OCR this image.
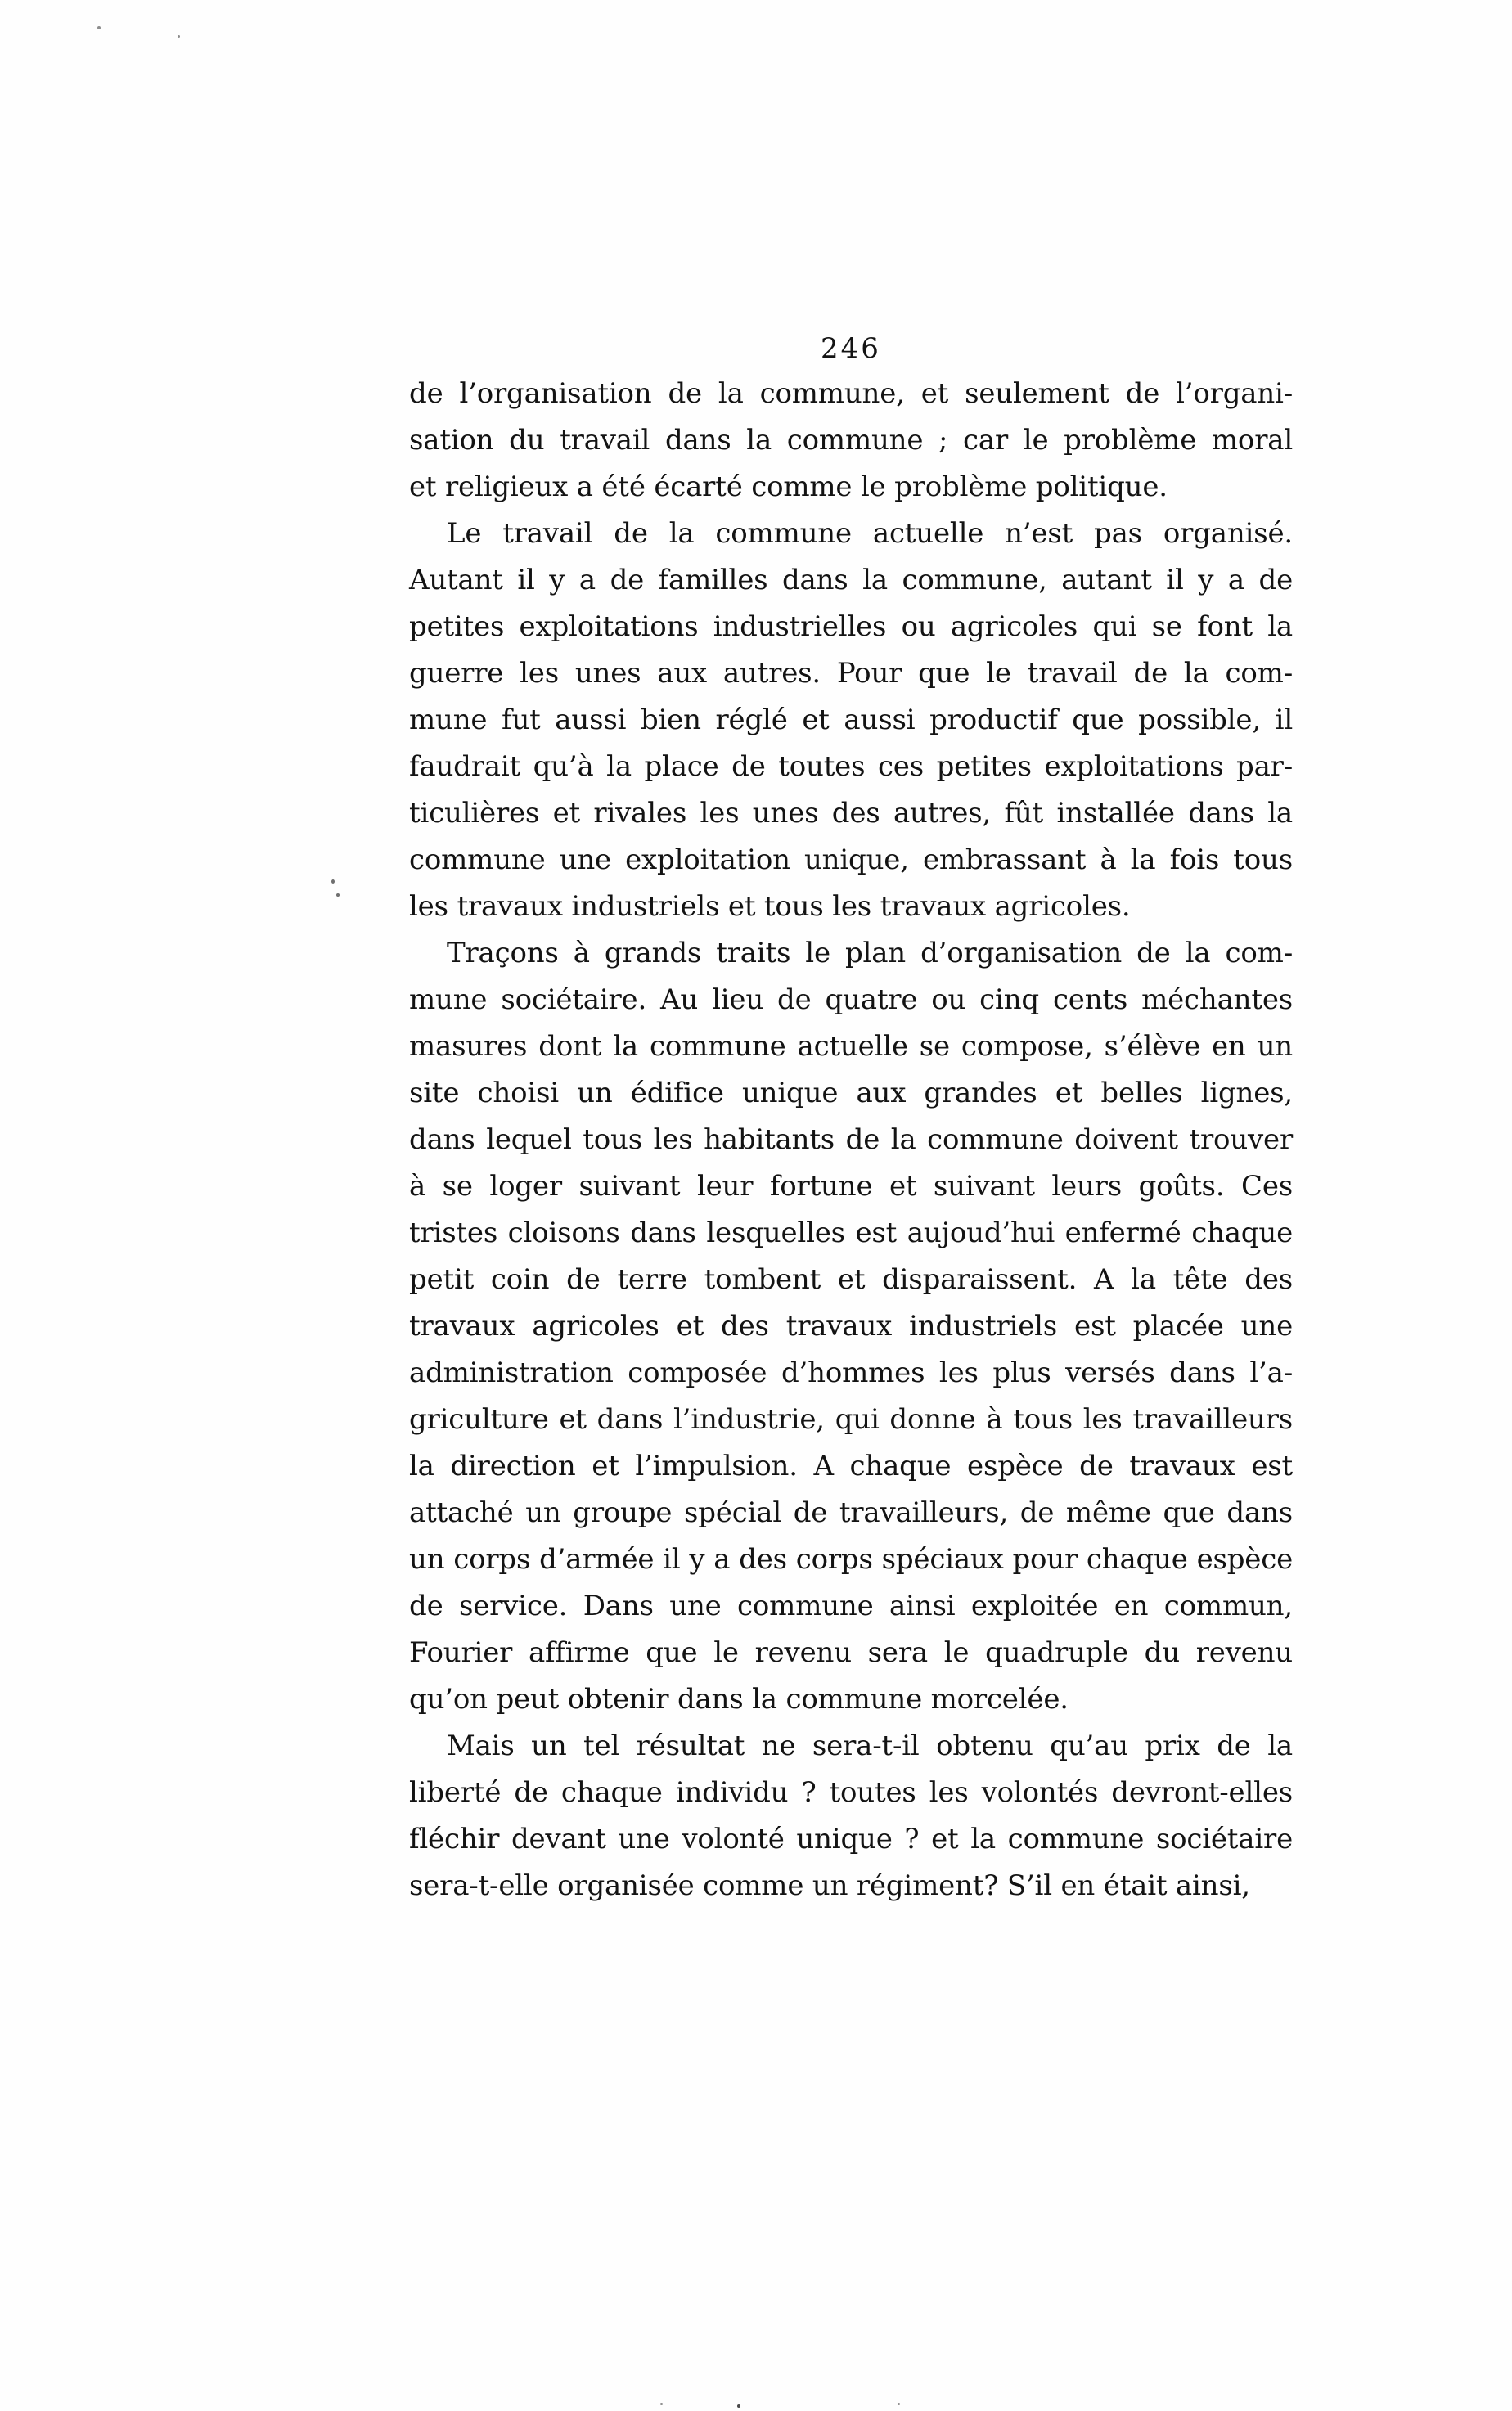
246
de l’organisation de la commune, et seulement de l’organi-
sation du travail dans la commune ; car le problème moral
et religieux a été écarté comme le problème politique.
Le travail de la commune actuelle n’est pas organisé.
Autant il y a de familles dans la commune, autant il y a de
petites exploitations industrielles ou agricoles qui se font la
guerre les unes aux autres. Pour que le travail de la com-
mune fut aussi bien réglé et aussi productif que possible, il
faudrait qu’à la place de toutes ces petites exploitations par-
ticulières et rivales les unes des autres, fût installée dans la
commune une exploitation unique, embrassant à la fois tous
les travaux industriels et tous les travaux agricoles.
Traçons à grands traits le plan d’organisation de la com-
mune sociétaire. Au lieu de quatre ou cinq cents méchantes
masures dont la commune actuelle se compose, s’élève en un
site choisi un édifice unique aux grandes et belles lignes,
dans lequel tous les habitants de la commune doivent trouver
à se loger suivant leur fortune et suivant leurs goûts. Ces
tristes cloisons dans lesquelles est aujoud’hui enfermé chaque
petit coin de terre tombent et disparaissent. A la tête des
travaux agricoles et des travaux industriels est placée une
administration composée d’hommes les plus versés dans l’a-
griculture et dans l’industrie, qui donne à tous les travailleurs
la direction et l’impulsion. A chaque espèce de travaux est
attaché un groupe spécial de travailleurs, de même que dans
un corps d’armée il y a des corps spéciaux pour chaque espèce
de service. Dans une commune ainsi exploitée en commun,
Fourier affirme que le revenu sera le quadruple du revenu
qu’on peut obtenir dans la commune morcelée.
Mais un tel résultat ne sera-t-il obtenu qu’au prix de la
liberté de chaque individu ? toutes les volontés devront-elles
fléchir devant une volonté unique ? et la commune sociétaire
sera-t-elle organisée comme un régiment? S’il en était ainsi,
